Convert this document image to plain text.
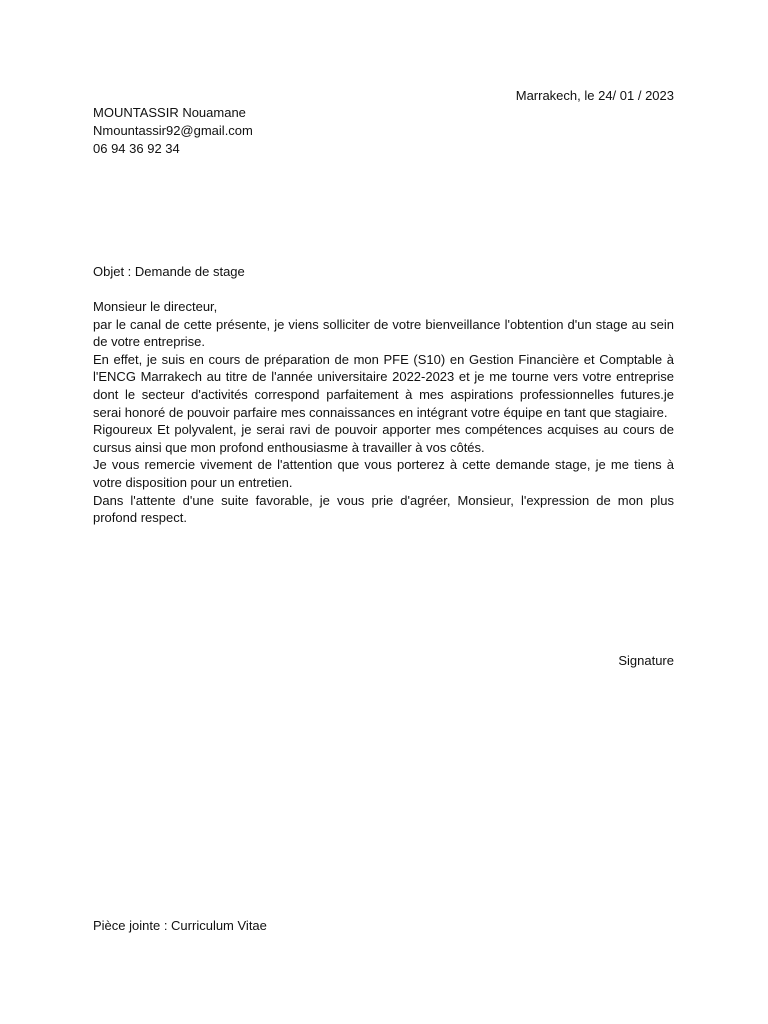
Marrakech, le 24/ 01 / 2023
MOUNTASSIR Nouamane
Nmountassir92@gmail.com
06 94 36 92 34
Objet : Demande de stage

Monsieur le directeur,

par le canal de cette présente, je viens solliciter de votre bienveillance l'obtention d'un stage au sein de votre entreprise.

En effet, je suis en cours de préparation de mon PFE (S10) en Gestion Financière et Comptable à l'ENCG Marrakech au titre de l'année universitaire 2022-2023 et je me tourne vers votre entreprise dont le secteur d'activités correspond parfaitement à mes aspirations professionnelles futures.je serai honoré de pouvoir parfaire mes connaissances en intégrant votre équipe en tant que stagiaire.

Rigoureux Et polyvalent, je serai ravi de pouvoir apporter mes compétences acquises au cours de cursus ainsi que mon profond enthousiasme à travailler à vos côtés.

Je vous remercie vivement de l'attention que vous porterez à cette demande stage, je me tiens à votre disposition pour un entretien.

Dans l'attente d'une suite favorable, je vous prie d'agréer, Monsieur, l'expression de mon plus profond respect.

Signature
Pièce jointe : Curriculum Vitae
